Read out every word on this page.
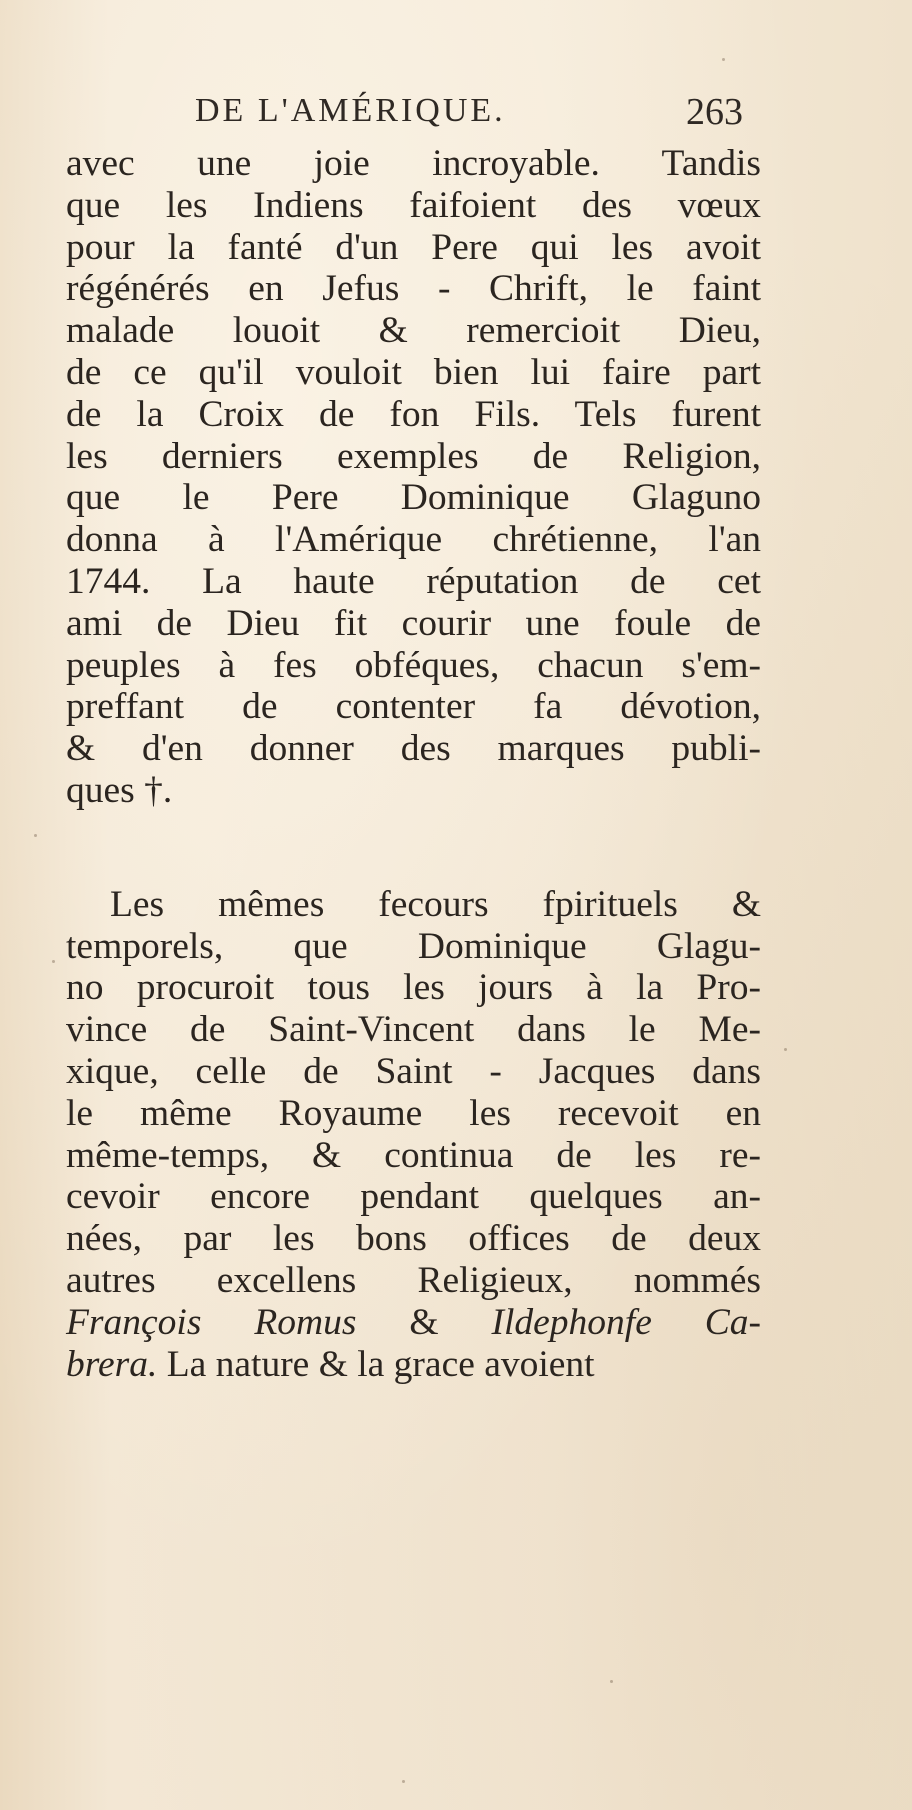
DE L'AMÉRIQUE.	263
avec une joie incroyable. Tandis
que les Indiens faifoient des vœux
pour la fanté d'un Pere qui les avoit
régénérés en Jefus - Chrift, le faint
malade louoit & remercioit Dieu,
de ce qu'il vouloit bien lui faire part
de la Croix de fon Fils. Tels furent
les derniers exemples de Religion,
que le Pere Dominique Glaguno
donna à l'Amérique chrétienne, l'an
1744. La haute réputation de cet
ami de Dieu fit courir une foule de
peuples à fes obféques, chacun s'em-
preffant de contenter fa dévotion,
& d'en donner des marques publi-
ques †.
Les mêmes fecours fpirituels &
temporels, que Dominique Glagu-
no procuroit tous les jours à la Pro-
vince de Saint-Vincent dans le Me-
xique, celle de Saint - Jacques dans
le même Royaume les recevoit en
même-temps, & continua de les re-
cevoir encore pendant quelques an-
nées, par les bons offices de deux
autres excellens Religieux, nommés
François Romus & Ildephonfe Ca-
brera. La nature & la grace avoient
